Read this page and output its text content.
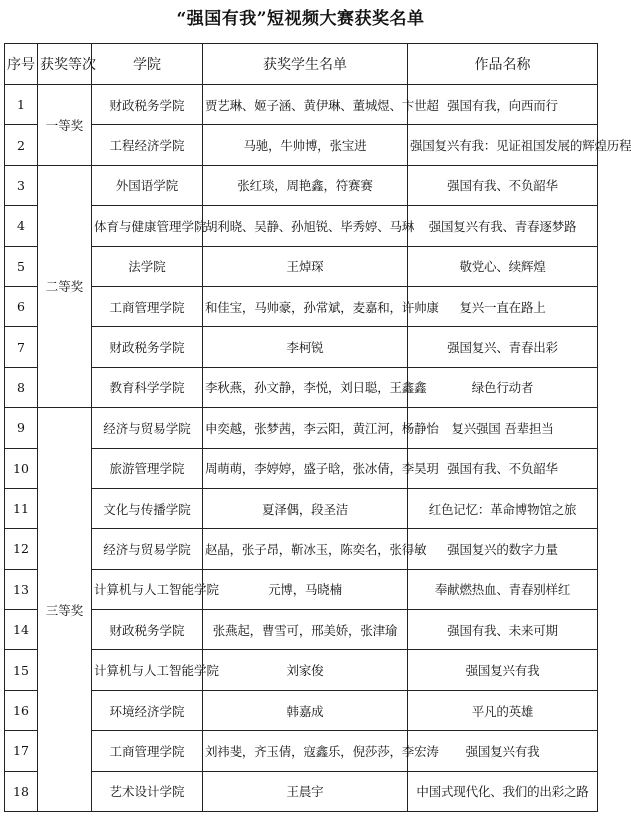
“强国有我”短视频大赛获奖名单
序号	获奖等次	学院	获奖学生名单	作品名称
1	一等奖	财政税务学院	贾艺琳、姬子涵、黄伊琳、董城煜、卞世超	强国有我，向西而行
2		工程经济学院	马驰，牛帅博，张宝进	强国复兴有我：见证祖国发展的辉煌历程
3	二等奖	外国语学院	张红琰，周艳鑫，符赛赛	强国有我、不负韶华
4		体育与健康管理学院	胡利晓、吴静、孙旭锐、毕秀婷、马琳	强国复兴有我、青春逐梦路
5		法学院	王焯琛	敬党心、续辉煌
6		工商管理学院	和佳宝，马帅豪，孙常斌，麦嘉和，许帅康	复兴一直在路上
7		财政税务学院	李柯锐	强国复兴、青春出彩
8		教育科学学院	李秋燕，孙文静，李悦，刘日聪，王鑫鑫	绿色行动者
9	三等奖	经济与贸易学院	申奕越，张梦茜，李云阳，黄江河，杨静怡	复兴强国 吾辈担当
10		旅游管理学院	周萌萌，李婷婷，盛子晗，张冰倩，李昊玥	强国有我、不负韶华
11		文化与传播学院	夏泽偶，段圣洁	红色记忆：革命博物馆之旅
12		经济与贸易学院	赵晶，张子昂，靳冰玉，陈奕名，张得敏	强国复兴的数字力量
13		计算机与人工智能学院	元博，马晓楠	奉献燃热血、青春别样红
14		财政税务学院	张燕起，曹雪可，邢美娇，张津瑜	强国有我、未来可期
15		计算机与人工智能学院	刘家俊	强国复兴有我
16		环境经济学院	韩嘉成	平凡的英雄
17		工商管理学院	刘祎斐，齐玉倩，寇鑫乐，倪莎莎，李宏涛	强国复兴有我
18		艺术设计学院	王晨宇	中国式现代化、我们的出彩之路
